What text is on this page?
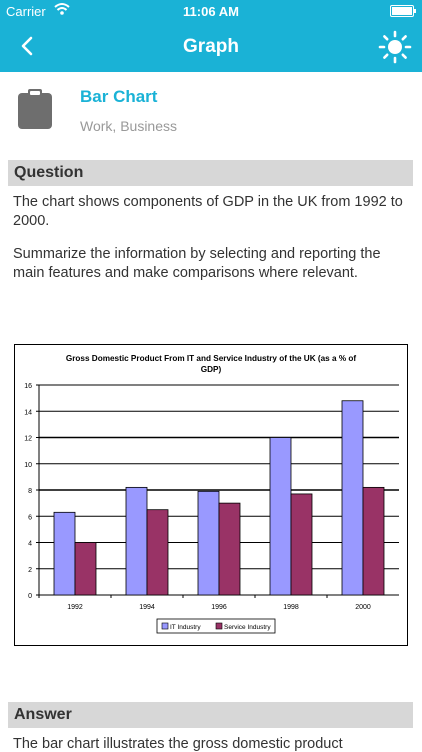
Carrier	11:06 AM
Graph
Bar Chart
Work, Business
Question
The chart shows components of GDP in the UK from 1992 to 2000.
Summarize the information by selecting and reporting the main features and make comparisons where relevant.
Gross Domestic Product From IT and Service Industry of the UK (as a % of
GDP)
0
2
4
6
8
10
12
14
16
1992	1994	1996	1998	2000
IT Industry	Service Industry
Answer
The bar chart illustrates the gross domestic product
